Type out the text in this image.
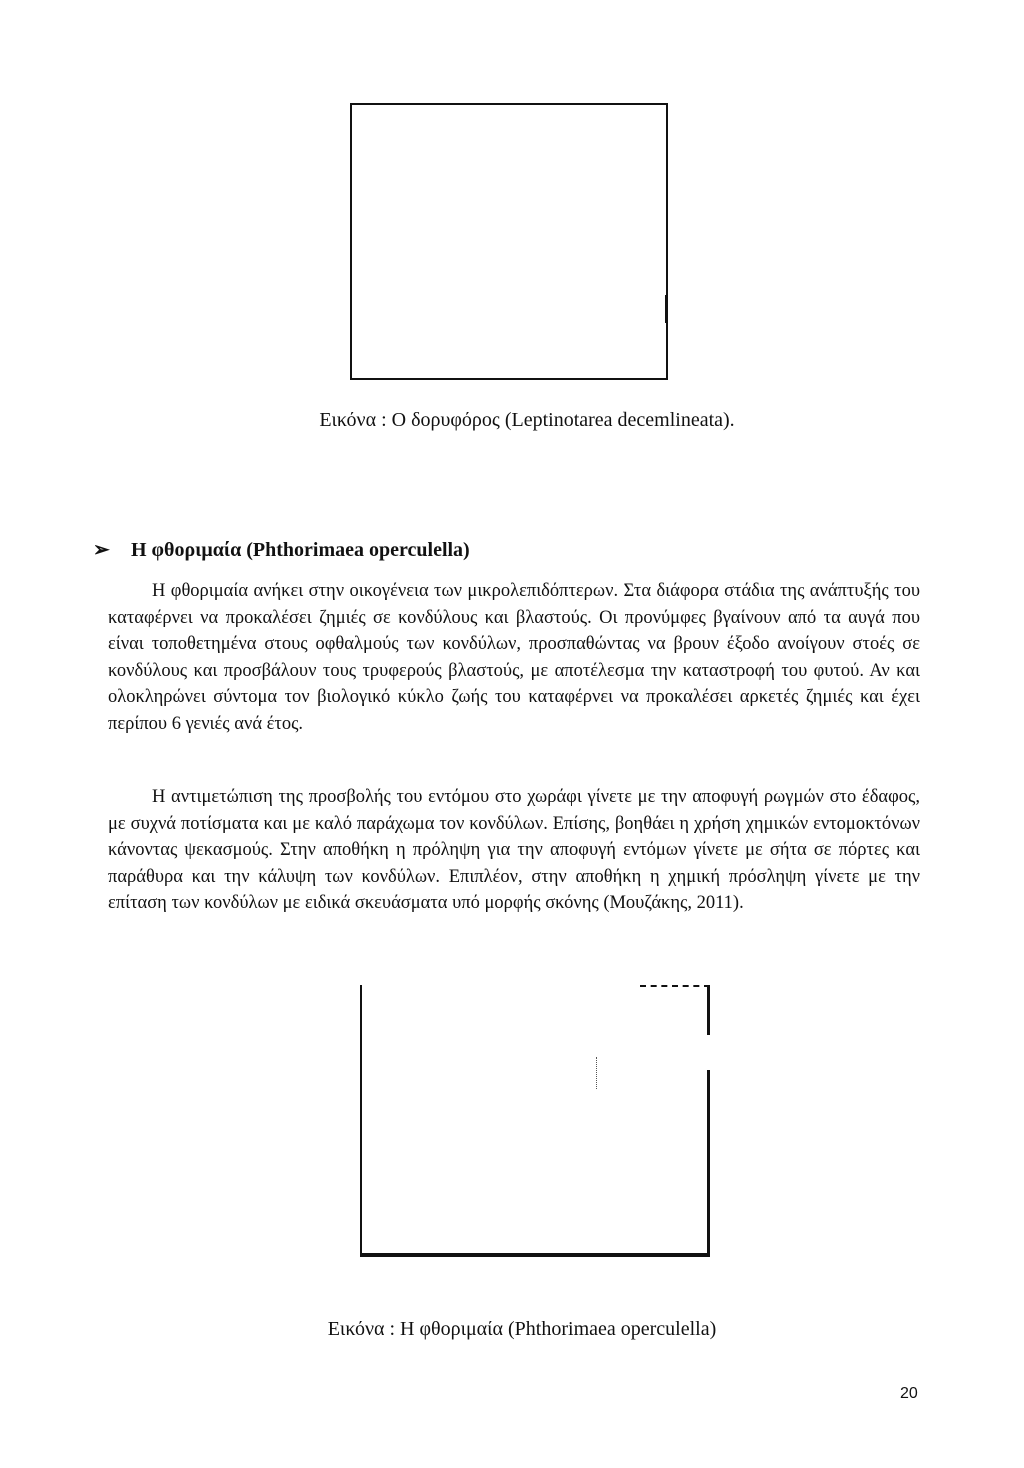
Εικόνα : Ο δορυφόρος (Leptinotarea decemlineata).
➢ Η φθοριμαία (Phthorimaea operculella)
Η φθοριμαία ανήκει στην οικογένεια των μικρολεπιδόπτερων. Στα διάφορα στάδια της ανάπτυξής του καταφέρνει να προκαλέσει ζημιές σε κονδύλους και βλαστούς. Οι προνύμφες βγαίνουν από τα αυγά που είναι τοποθετημένα στους οφθαλμούς των κονδύλων, προσπαθώντας να βρουν έξοδο ανοίγουν στοές σε κονδύλους και προσβάλουν τους τρυφερούς βλαστούς, με αποτέλεσμα την καταστροφή του φυτού. Αν και ολοκληρώνει σύντομα τον βιολογικό κύκλο ζωής του καταφέρνει να προκαλέσει αρκετές ζημιές και έχει περίπου 6 γενιές ανά έτος.
Η αντιμετώπιση της προσβολής του εντόμου στο χωράφι γίνετε με την αποφυγή ρωγμών στο έδαφος, με συχνά ποτίσματα και με καλό παράχωμα τον κονδύλων. Επίσης, βοηθάει η χρήση χημικών εντομοκτόνων κάνοντας ψεκασμούς. Στην αποθήκη η πρόληψη για την αποφυγή εντόμων γίνετε με σήτα σε πόρτες και παράθυρα και την κάλυψη των κονδύλων. Επιπλέον, στην αποθήκη η χημική πρόσληψη γίνετε με την επίταση των κονδύλων με ειδικά σκευάσματα υπό μορφής σκόνης (Μουζάκης, 2011).
Εικόνα : Η φθοριμαία (Phthorimaea operculella)
20
